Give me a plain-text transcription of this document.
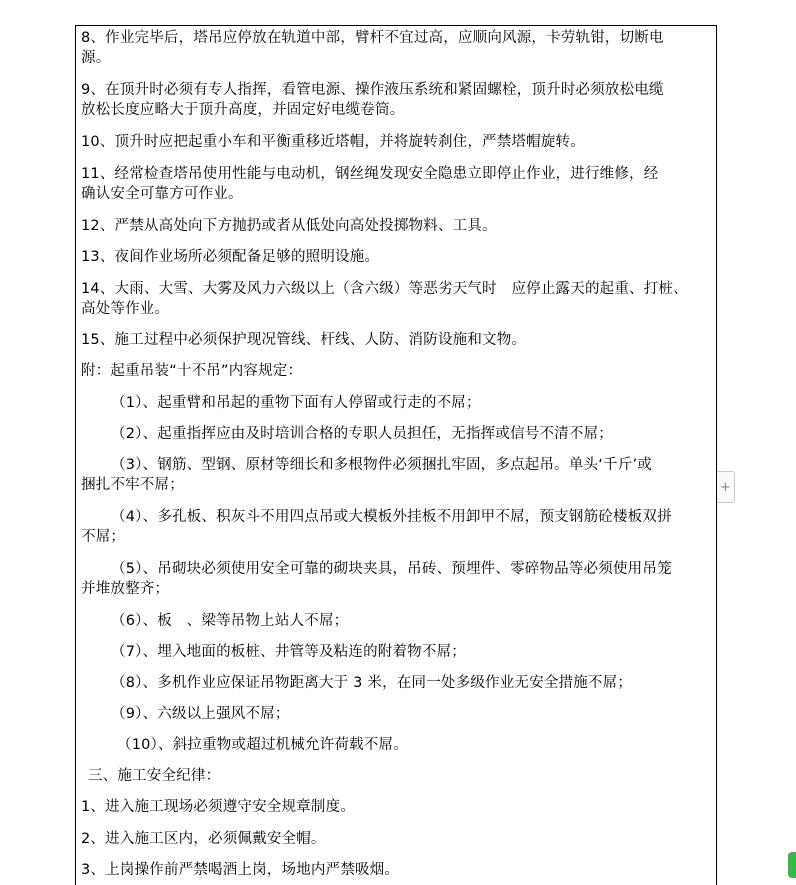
8、作业完毕后，塔吊应停放在轨道中部，臂杆不宜过高，应顺向风源，卡劳轨钳，切断电
源。
9、在顶升时必须有专人指挥，看管电源、操作液压系统和紧固螺栓，顶升时必须放松电缆
放松长度应略大于顶升高度，并固定好电缆卷筒。
10、顶升时应把起重小车和平衡重移近塔帽，并将旋转刹住，严禁塔帽旋转。
11、经常检查塔吊使用性能与电动机，钢丝绳发现安全隐患立即停止作业，进行维修，经
确认安全可靠方可作业。
12、严禁从高处向下方抛扔或者从低处向高处投掷物料、工具。
13、夜间作业场所必须配备足够的照明设施。
14、大雨、大雪、大雾及风力六级以上（含六级）等恶劣天气时　应停止露天的起重、打桩、
高处等作业。
15、施工过程中必须保护现况管线、杆线、人防、消防设施和文物。
附：起重吊装“十不吊”内容规定：
（1）、起重臂和吊起的重物下面有人停留或行走的不屌；
（2）、起重指挥应由及时培训合格的专职人员担任，无指挥或信号不清不屌；
（3）、钢筋、型钢、原材等细长和多根物件必须捆扎牢固，多点起吊。单头‘千斤’或
捆扎不牢不屌；
（4）、多孔板、积灰斗不用四点吊或大模板外挂板不用卸甲不屌，预支钢筋砼楼板双拼
不屌；
（5）、吊砌块必须使用安全可靠的砌块夹具，吊砖、预埋件、零碎物品等必须使用吊笼
并堆放整齐；
（6）、板　、梁等吊物上站人不屌；
（7）、埋入地面的板桩、井管等及粘连的附着物不屌；
（8）、多机作业应保证吊物距离大于 3 米，在同一处多级作业无安全措施不屌；
（9）、六级以上强风不屌；
（10）、斜拉重物或超过机械允许荷载不屌。
三、施工安全纪律：
1、进入施工现场必须遵守安全规章制度。
2、进入施工区内，必须佩戴安全帽。
3、上岗操作前严禁喝酒上岗，场地内严禁吸烟。
+
